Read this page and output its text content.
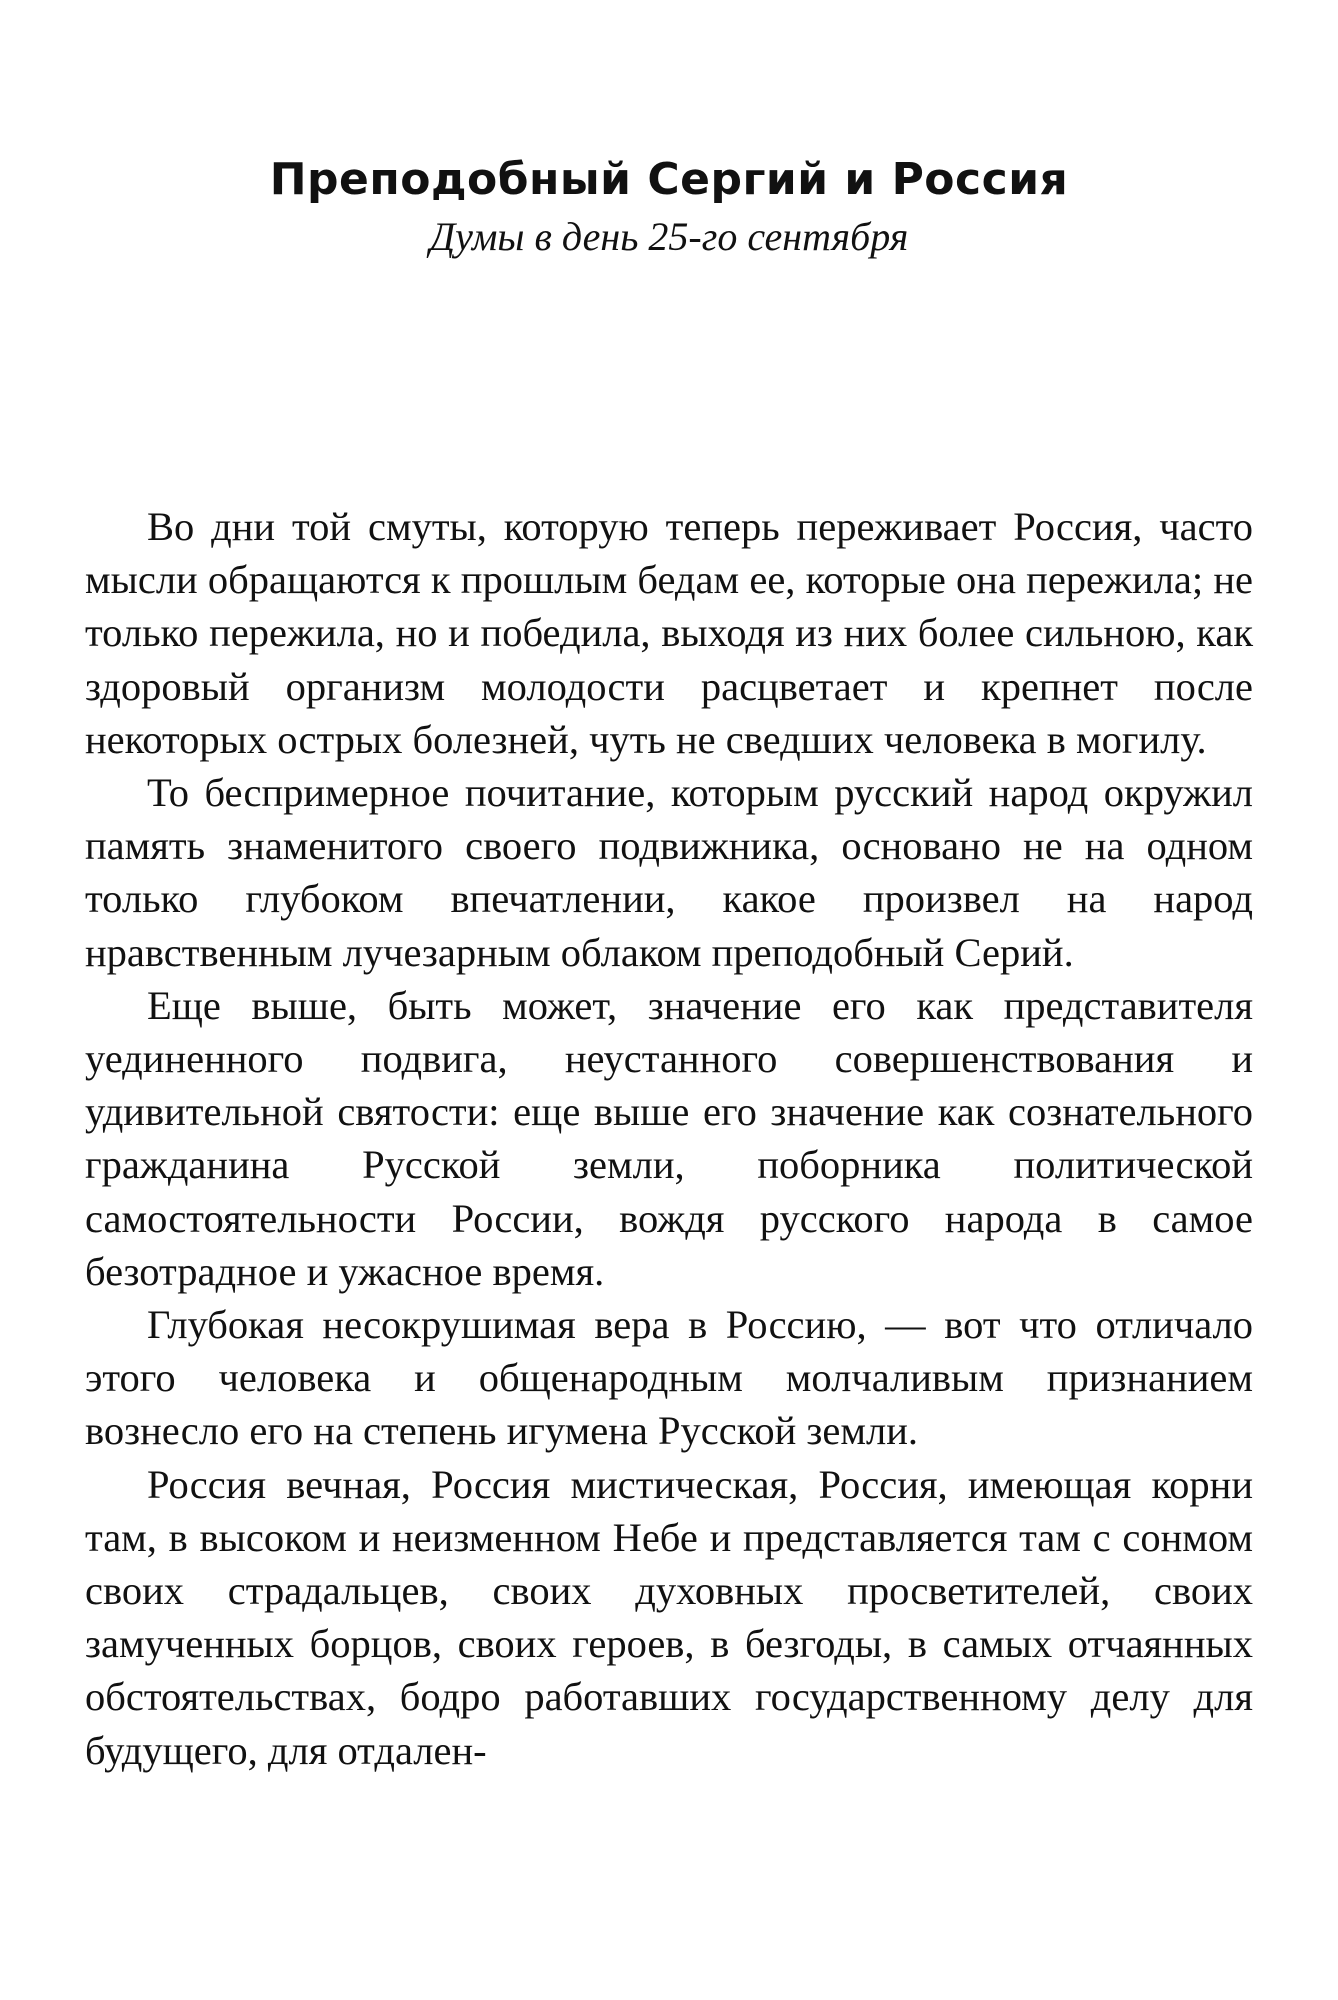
Преподобный Сергий и Россия

Думы в день 25-го сентября

Во дни той смуты, которую теперь переживает Россия, часто мысли обращаются к прошлым бедам ее, которые она пережила; не только пережила, но и победила, выходя из них более сильною, как здоровый организм молодости расцветает и крепнет после некоторых острых болезней, чуть не сведших человека в могилу.

То беспримерное почитание, которым русский народ окружил память знаменитого своего подвижника, основано не на одном только глубоком впечатлении, какое произвел на народ нравственным лучезарным облаком преподобный Серий.

Еще выше, быть может, значение его как представителя уединенного подвига, неустанного совершенствования и удивительной святости: еще выше его значение как сознательного гражданина Русской земли, поборника политической самостоятельности России, вождя русского народа в самое безотрадное и ужасное время.

Глубокая несокрушимая вера в Россию, — вот что отличало этого человека и общенародным молчаливым признанием вознесло его на степень игумена Русской земли.

Россия вечная, Россия мистическая, Россия, имеющая корни там, в высоком и неизменном Небе и представляется там с сонмом своих страдальцев, своих духовных просветителей, своих замученных борцов, своих героев, в безгоды, в самых отчаянных обстоятельствах, бодро работавших государственному делу для будущего, для отдален-
